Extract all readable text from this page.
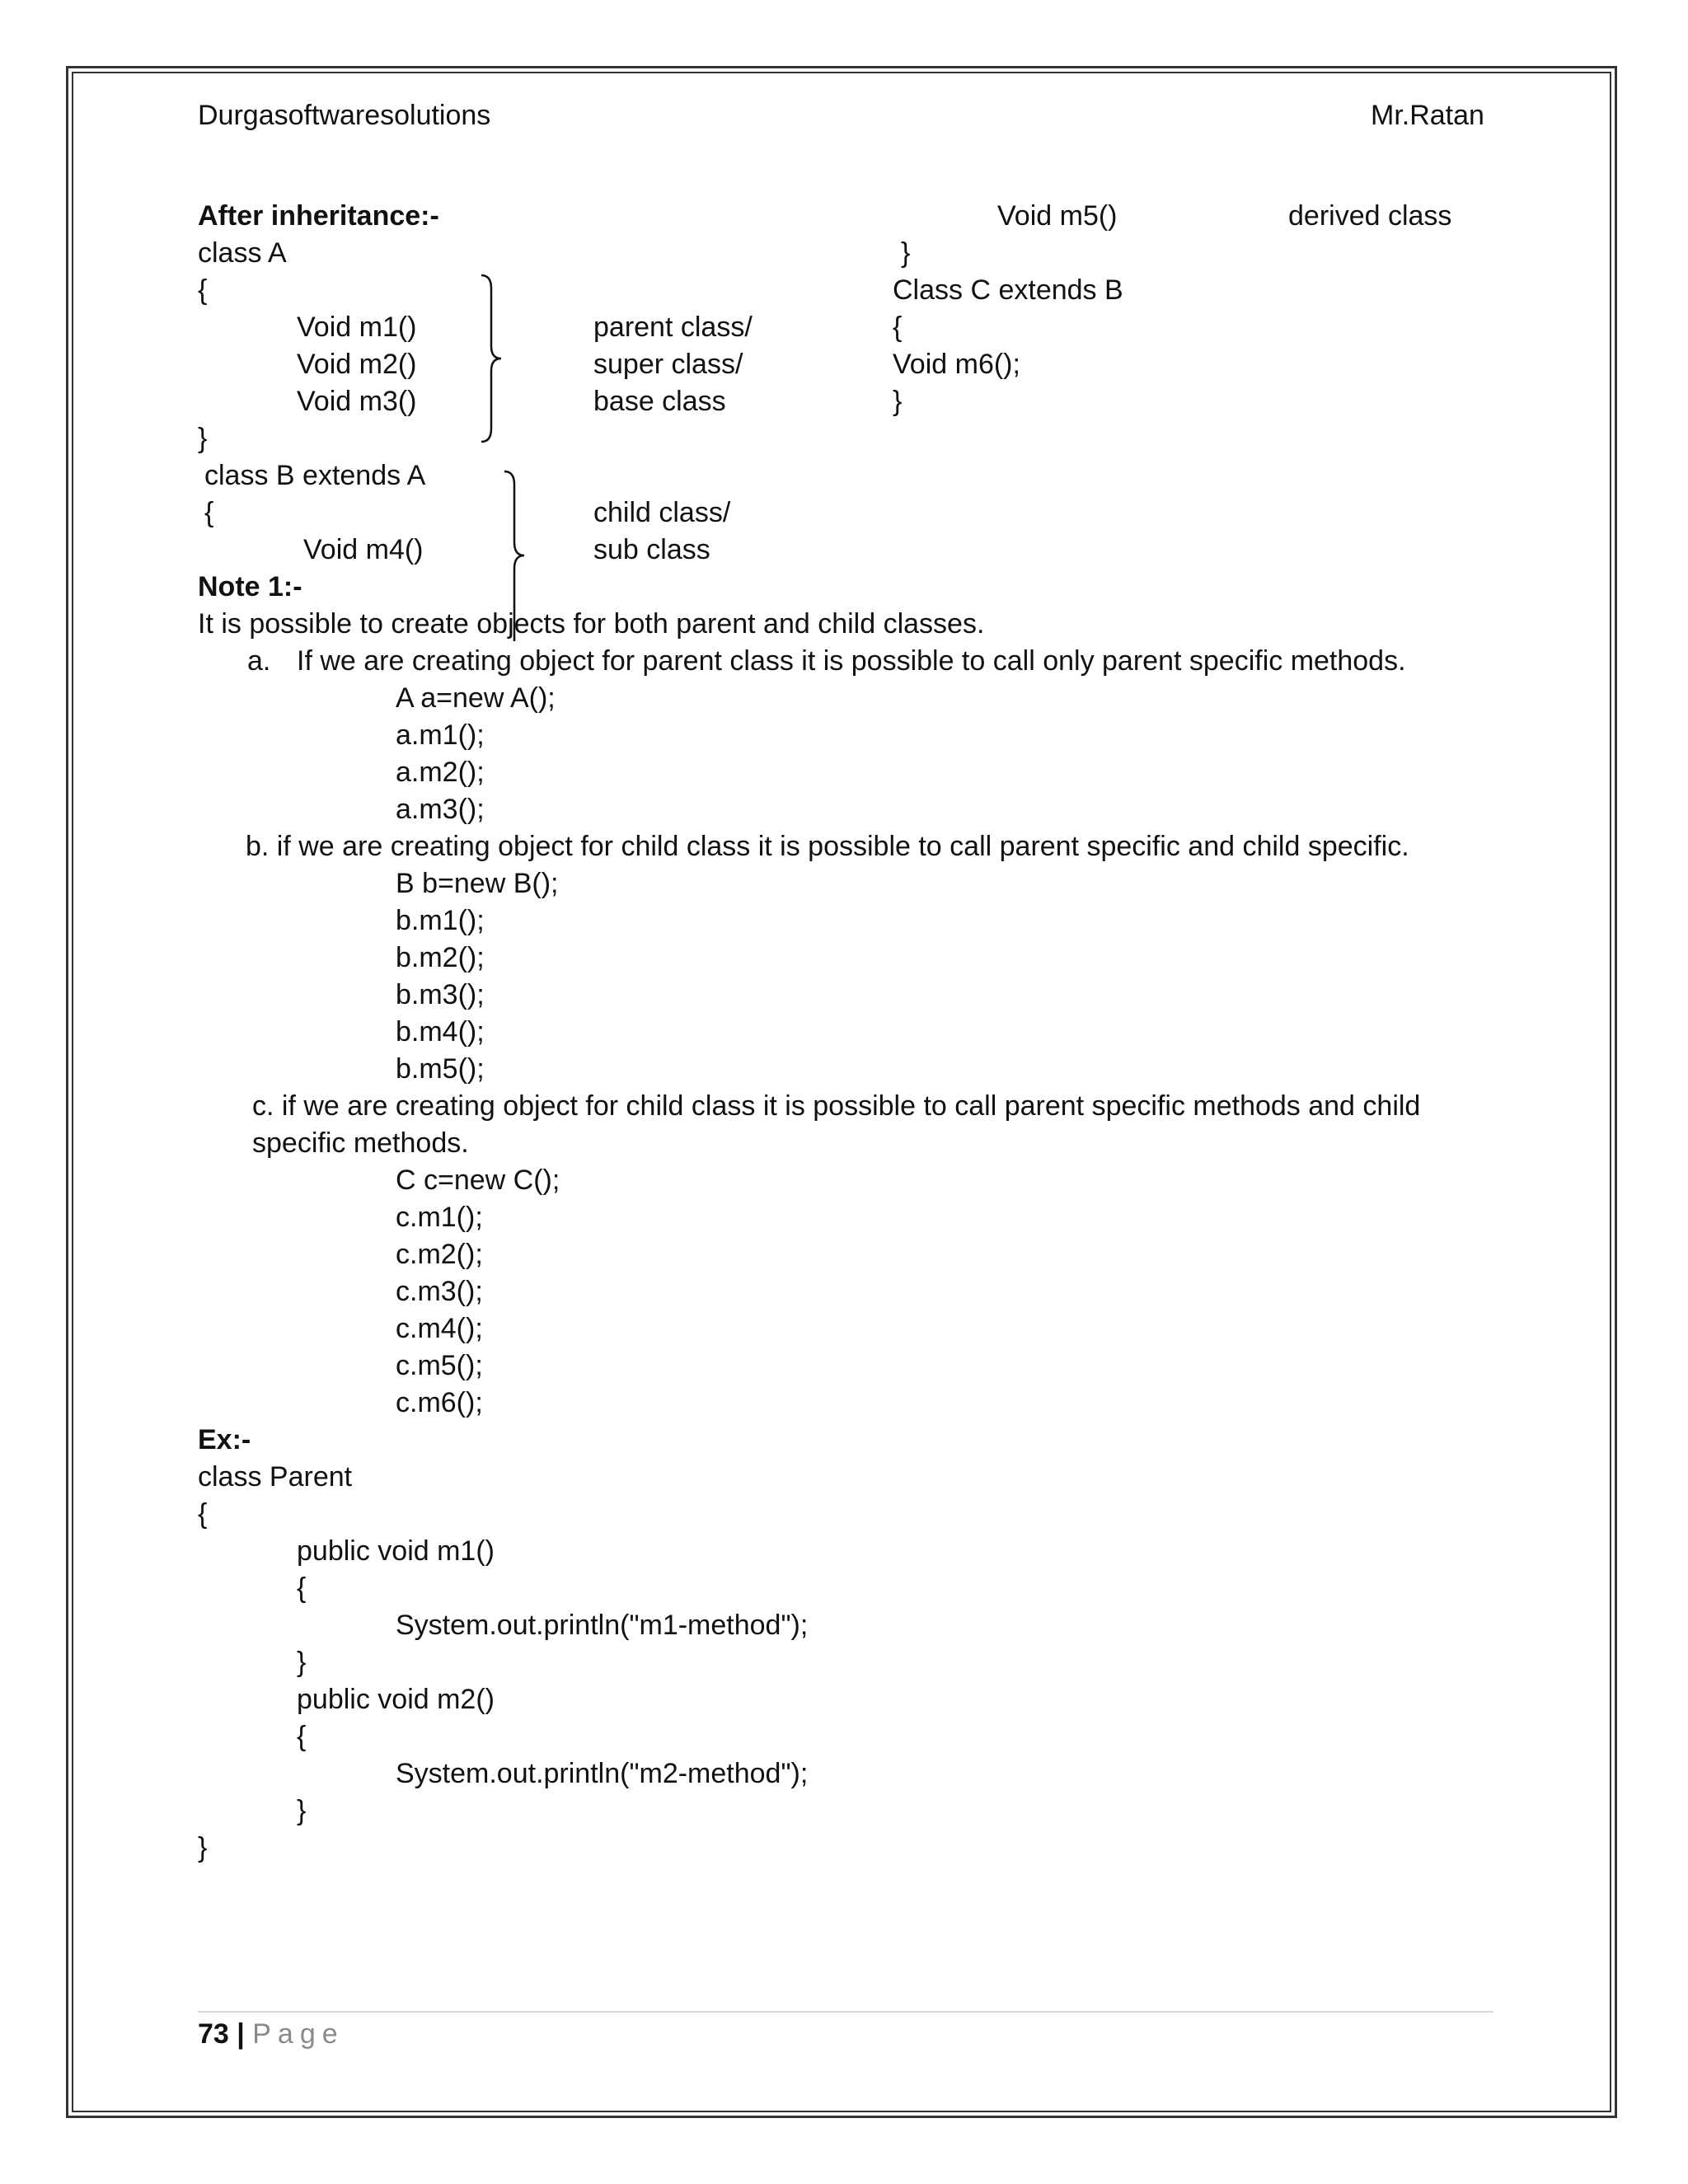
Durgasoftwaresolutions	Mr.Ratan
After inheritance:-
class A
{
Void m1()
Void m2()
Void m3()
}
parent class/
super class/
base class
class B extends A
{
Void m4()
child class/
sub class
Void m5()	derived class
}
Class C extends B
{
Void m6();
}
Note 1:-
It is possible to create objects for both parent and child classes.
a. If we are creating object for parent class it is possible to call only parent specific methods.
A a=new A();
a.m1();
a.m2();
a.m3();
b. if we are creating object for child class it is possible to call parent specific and child specific.
B b=new B();
b.m1();
b.m2();
b.m3();
b.m4();
b.m5();
c. if we are creating object for child class it is possible to call parent specific methods and child
specific methods.
C c=new C();
c.m1();
c.m2();
c.m3();
c.m4();
c.m5();
c.m6();
Ex:-
class Parent
{
public void m1()
{
System.out.println("m1-method");
}
public void m2()
{
System.out.println("m2-method");
}
}
73 | Page
